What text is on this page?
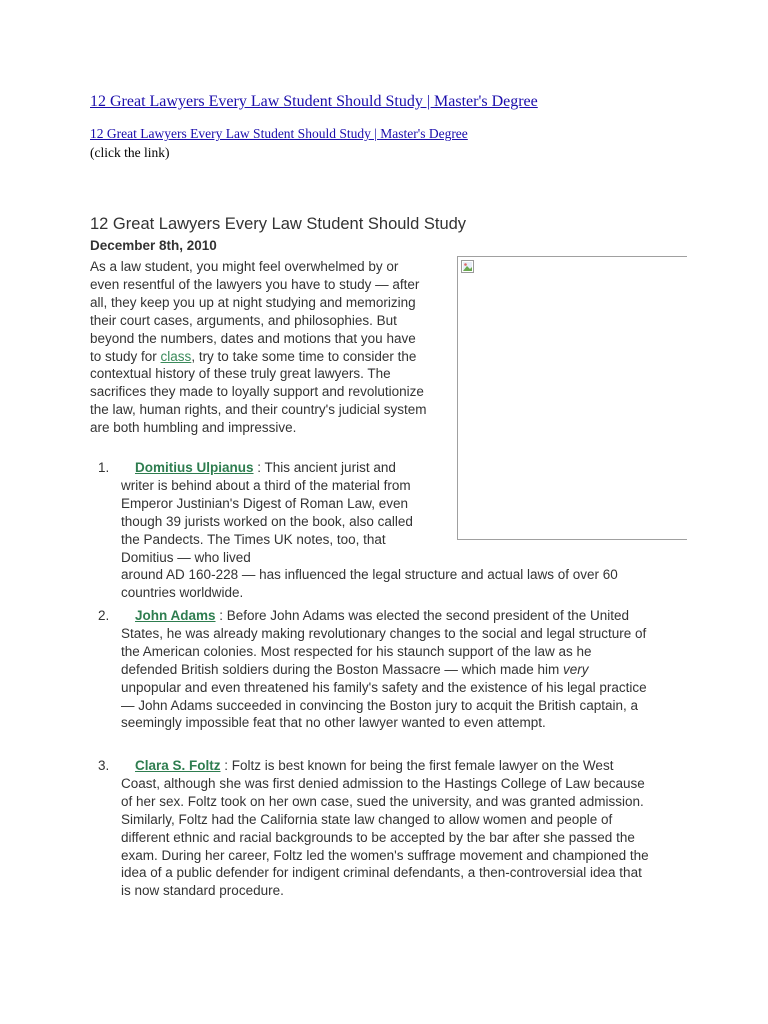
12 Great Lawyers Every Law Student Should Study | Master's Degree
12 Great Lawyers Every Law Student Should Study | Master's Degree
(click the link)
12 Great Lawyers Every Law Student Should Study
December 8th, 2010
As a law student, you might feel overwhelmed by or even resentful of the lawyers you have to study — after all, they keep you up at night studying and memorizing their court cases, arguments, and philosophies. But beyond the numbers, dates and motions that you have to study for class, try to take some time to consider the contextual history of these truly great lawyers. The sacrifices they made to loyally support and revolutionize the law, human rights, and their country's judicial system are both humbling and impressive.
1.	Domitius Ulpianus : This ancient jurist and writer is behind about a third of the material from Emperor Justinian's Digest of Roman Law, even though 39 jurists worked on the book, also called the Pandects. The Times UK notes, too, that Domitius — who lived
around AD 160-228 — has influenced the legal structure and actual laws of over 60 countries worldwide.
2.	John Adams : Before John Adams was elected the second president of the United States, he was already making revolutionary changes to the social and legal structure of the American colonies. Most respected for his staunch support of the law as he defended British soldiers during the Boston Massacre — which made him very unpopular and even threatened his family's safety and the existence of his legal practice — John Adams succeeded in convincing the Boston jury to acquit the British captain, a seemingly impossible feat that no other lawyer wanted to even attempt.
3.	Clara S. Foltz : Foltz is best known for being the first female lawyer on the West Coast, although she was first denied admission to the Hastings College of Law because of her sex. Foltz took on her own case, sued the university, and was granted admission. Similarly, Foltz had the California state law changed to allow women and people of different ethnic and racial backgrounds to be accepted by the bar after she passed the exam. During her career, Foltz led the women's suffrage movement and championed the idea of a public defender for indigent criminal defendants, a then-controversial idea that is now standard procedure.
